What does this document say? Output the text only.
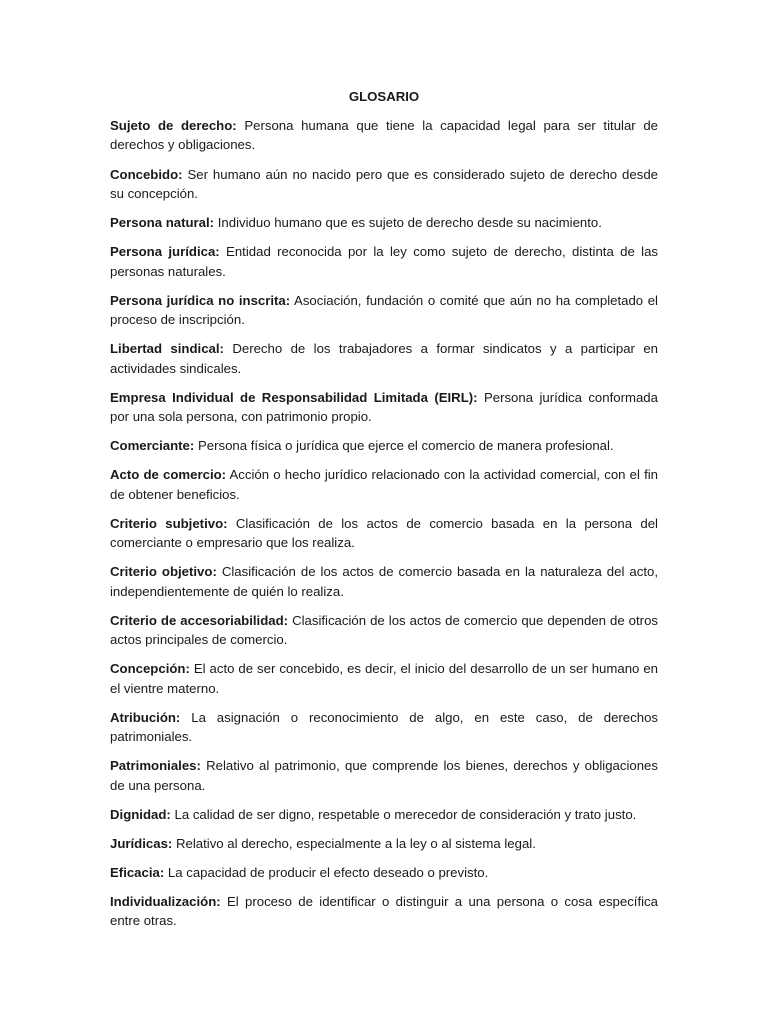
GLOSARIO

Sujeto de derecho: Persona humana que tiene la capacidad legal para ser titular de derechos y obligaciones.

Concebido: Ser humano aún no nacido pero que es considerado sujeto de derecho desde su concepción.

Persona natural: Individuo humano que es sujeto de derecho desde su nacimiento.

Persona jurídica: Entidad reconocida por la ley como sujeto de derecho, distinta de las personas naturales.

Persona jurídica no inscrita: Asociación, fundación o comité que aún no ha completado el proceso de inscripción.

Libertad sindical: Derecho de los trabajadores a formar sindicatos y a participar en actividades sindicales.

Empresa Individual de Responsabilidad Limitada (EIRL): Persona jurídica conformada por una sola persona, con patrimonio propio.

Comerciante: Persona física o jurídica que ejerce el comercio de manera profesional.

Acto de comercio: Acción o hecho jurídico relacionado con la actividad comercial, con el fin de obtener beneficios.

Criterio subjetivo: Clasificación de los actos de comercio basada en la persona del comerciante o empresario que los realiza.

Criterio objetivo: Clasificación de los actos de comercio basada en la naturaleza del acto, independientemente de quién lo realiza.

Criterio de accesoriabilidad: Clasificación de los actos de comercio que dependen de otros actos principales de comercio.

Concepción: El acto de ser concebido, es decir, el inicio del desarrollo de un ser humano en el vientre materno.

Atribución: La asignación o reconocimiento de algo, en este caso, de derechos patrimoniales.

Patrimoniales: Relativo al patrimonio, que comprende los bienes, derechos y obligaciones de una persona.

Dignidad: La calidad de ser digno, respetable o merecedor de consideración y trato justo.

Jurídicas: Relativo al derecho, especialmente a la ley o al sistema legal.

Eficacia: La capacidad de producir el efecto deseado o previsto.

Individualización: El proceso de identificar o distinguir a una persona o cosa específica entre otras.
